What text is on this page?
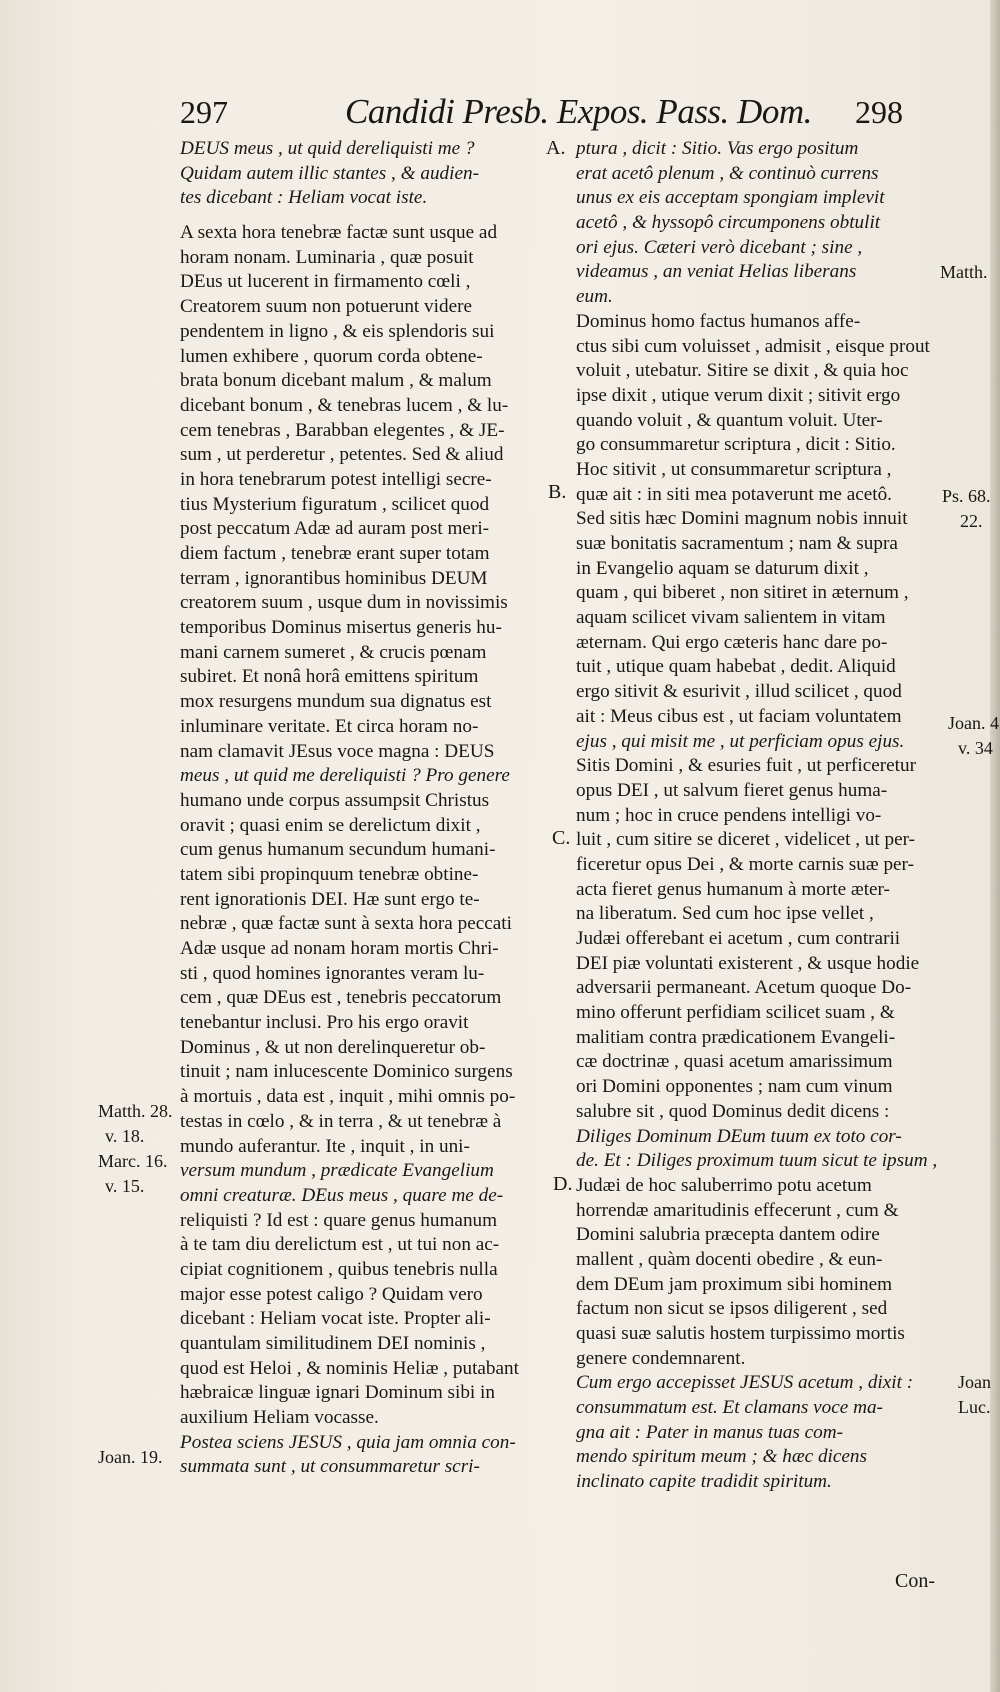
297	Candidi Presb. Expos. Pass. Dom. 298
DEUS meus , ut quid dereliquisti me ?
Quidam autem illic stantes , & audien-
tes dicebant : Heliam vocat iste.
A sexta hora tenebræ factæ sunt usque ad
horam nonam. Luminaria , quæ posuit
DEus ut lucerent in firmamento cœli ,
Creatorem suum non potuerunt videre
pendentem in ligno , & eis splendoris sui
lumen exhibere , quorum corda obtene-
brata bonum dicebant malum , & malum
dicebant bonum , & tenebras lucem , & lu-
cem tenebras , Barabban elegentes , & JE-
sum , ut perderetur , petentes. Sed & aliud
in hora tenebrarum potest intelligi secre-
tius Mysterium figuratum , scilicet quod
post peccatum Adæ ad auram post meri-
diem factum , tenebræ erant super totam
terram , ignorantibus hominibus DEUM
creatorem suum , usque dum in novissimis
temporibus Dominus misertus generis hu-
mani carnem sumeret , & crucis pœnam
subiret. Et nonâ horâ emittens spiritum
mox resurgens mundum sua dignatus est
inluminare veritate. Et circa horam no-
nam clamavit JEsus voce magna : DEUS
meus , ut quid me dereliquisti ? Pro genere
humano unde corpus assumpsit Christus
oravit ; quasi enim se derelictum dixit ,
cum genus humanum secundum humani-
tatem sibi propinquum tenebræ obtine-
rent ignorationis DEI. Hæ sunt ergo te-
nebræ , quæ factæ sunt à sexta hora peccati
Adæ usque ad nonam horam mortis Chri-
sti , quod homines ignorantes veram lu-
cem , quæ DEus est , tenebris peccatorum
tenebantur inclusi. Pro his ergo oravit
Dominus , & ut non derelinqueretur ob-
tinuit ; nam inlucescente Dominico surgens
à mortuis , data est , inquit , mihi omnis po-
testas in cœlo , & in terra , & ut tenebræ à
mundo auferantur. Ite , inquit , in uni-
versum mundum , prædicate Evangelium
omni creaturæ. DEus meus , quare me de-
reliquisti ? Id est : quare genus humanum
à te tam diu derelictum est , ut tui non ac-
cipiat cognitionem , quibus tenebris nulla
major esse potest caligo ? Quidam vero
dicebant : Heliam vocat iste. Propter ali-
quantulam similitudinem DEI nominis ,
quod est Heloi , & nominis Heliæ , putabant
hæbraicæ linguæ ignari Dominum sibi in
auxilium Heliam vocasse.
Postea sciens JESUS , quia jam omnia con-
summata sunt , ut consummaretur scri-
ptura , dicit : Sitio. Vas ergo positum
erat acetô plenum , & continuò currens
unus ex eis acceptam spongiam implevit
acetô , & hyssopô circumponens obtulit
ori ejus. Cæteri verò dicebant ; sine ,
videamus , an veniat Helias liberans
eum.
Dominus homo factus humanos affe-
ctus sibi cum voluisset , admisit , eisque prout
voluit , utebatur. Sitire se dixit , & quia hoc
ipse dixit , utique verum dixit ; sitivit ergo
quando voluit , & quantum voluit. Uter-
go consummaretur scriptura , dicit : Sitio.
Hoc sitivit , ut consummaretur scriptura ,
quæ ait : in siti mea potaverunt me acetô.
Sed sitis hæc Domini magnum nobis innuit
suæ bonitatis sacramentum ; nam & supra
in Evangelio aquam se daturum dixit ,
quam , qui biberet , non sitiret in æternum ,
aquam scilicet vivam salientem in vitam
æternam. Qui ergo cæteris hanc dare po-
tuit , utique quam habebat , dedit. Aliquid
ergo sitivit & esurivit , illud scilicet , quod
ait : Meus cibus est , ut faciam voluntatem
ejus , qui misit me , ut perficiam opus ejus.
Sitis Domini , & esuries fuit , ut perficeretur
opus DEI , ut salvum fieret genus huma-
num ; hoc in cruce pendens intelligi vo-
luit , cum sitire se diceret , videlicet , ut per-
ficeretur opus Dei , & morte carnis suæ per-
acta fieret genus humanum à morte æter-
na liberatum. Sed cum hoc ipse vellet ,
Judæi offerebant ei acetum , cum contrarii
DEI piæ voluntati existerent , & usque hodie
adversarii permaneant. Acetum quoque Do-
mino offerunt perfidiam scilicet suam , &
malitiam contra prædicationem Evangeli-
cæ doctrinæ , quasi acetum amarissimum
ori Domini opponentes ; nam cum vinum
salubre sit , quod Dominus dedit dicens :
Diliges Dominum DEum tuum ex toto cor-
de. Et : Diliges proximum tuum sicut te ipsum ,
Judæi de hoc saluberrimo potu acetum
horrendæ amaritudinis effecerunt , cum &
Domini salubria præcepta dantem odire
mallent , quàm docenti obedire , & eun-
dem DEum jam proximum sibi hominem
factum non sicut se ipsos diligerent , sed
quasi suæ salutis hostem turpissimo mortis
genere condemnarent.
Cum ergo accepisset JESUS acetum , dixit :
consummatum est. Et clamans voce ma-
gna ait : Pater in manus tuas com-
mendo spiritum meum ; & hæc dicens
inclinato capite tradidit spiritum.
A.
B.
C.
D.
Matth. 28.
v. 18.
Marc. 16.
v. 15.
Joan. 19.
Matth.
Ps. 68.
22.
Joan. 4
v. 34
Joan
Luc.
Con-
